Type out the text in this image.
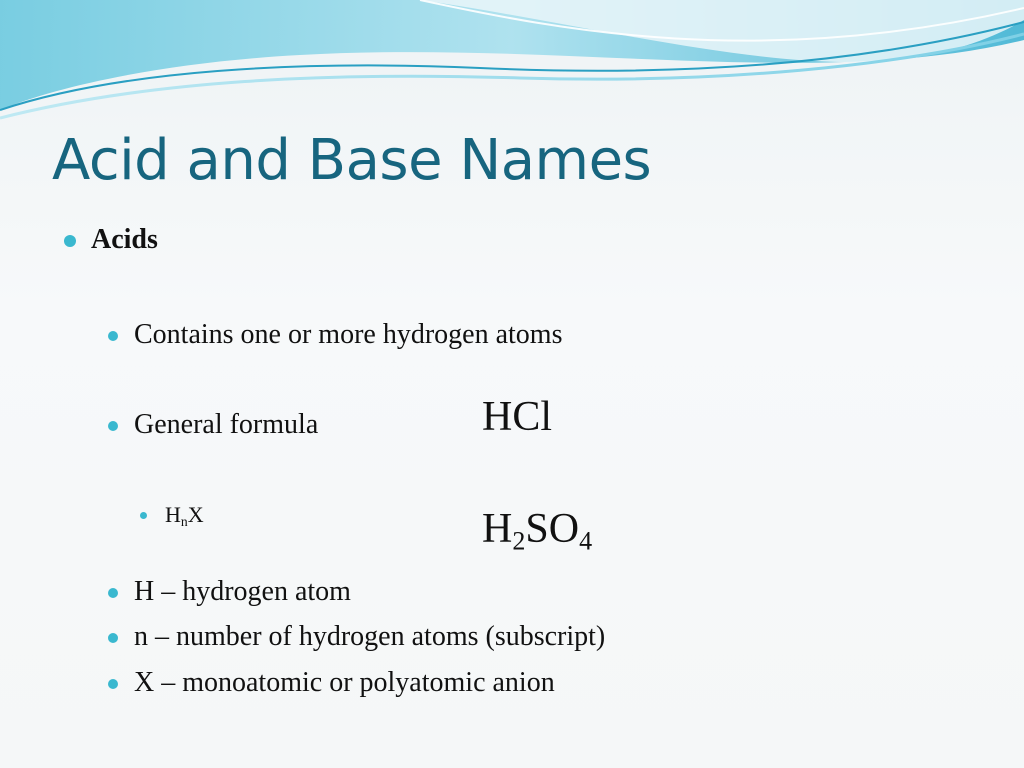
Acid and Base Names
Acids
Contains one or more hydrogen atoms
General formula
$H_nX$
HCl
$H_2SO_4$
H – hydrogen atom
n – number of hydrogen atoms (subscript)
X – monoatomic or polyatomic anion
